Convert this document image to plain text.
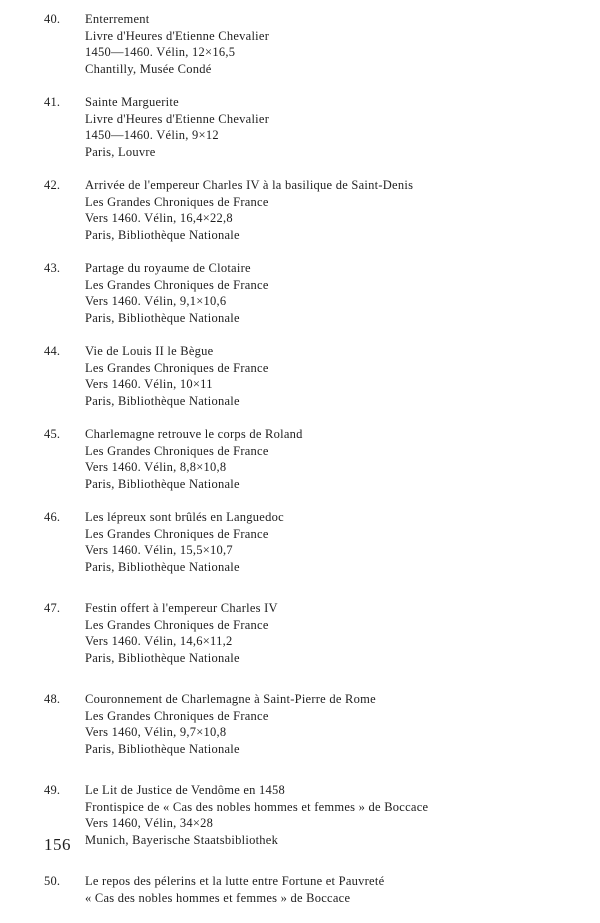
40.	Enterrement
Livre d'Heures d'Etienne Chevalier
1450—1460. Vélin, 12×16,5
Chantilly, Musée Condé
41.	Sainte Marguerite
Livre d'Heures d'Etienne Chevalier
1450—1460. Vélin, 9×12
Paris, Louvre
42.	Arrivée de l'empereur Charles IV à la basilique de Saint-Denis
Les Grandes Chroniques de France
Vers 1460. Vélin, 16,4×22,8
Paris, Bibliothèque Nationale
43.	Partage du royaume de Clotaire
Les Grandes Chroniques de France
Vers 1460. Vélin, 9,1×10,6
Paris, Bibliothèque Nationale
44.	Vie de Louis II le Bègue
Les Grandes Chroniques de France
Vers 1460. Vélin, 10×11
Paris, Bibliothèque Nationale
45.	Charlemagne retrouve le corps de Roland
Les Grandes Chroniques de France
Vers 1460. Vélin, 8,8×10,8
Paris, Bibliothèque Nationale
46.	Les lépreux sont brûlés en Languedoc
Les Grandes Chroniques de France
Vers 1460. Vélin, 15,5×10,7
Paris, Bibliothèque Nationale
47.	Festin offert à l'empereur Charles IV
Les Grandes Chroniques de France
Vers 1460. Vélin, 14,6×11,2
Paris, Bibliothèque Nationale
48.	Couronnement de Charlemagne à Saint-Pierre de Rome
Les Grandes Chroniques de France
Vers 1460, Vélin, 9,7×10,8
Paris, Bibliothèque Nationale
49.	Le Lit de Justice de Vendôme en 1458
Frontispice de « Cas des nobles hommes et femmes » de Boccace
Vers 1460, Vélin, 34×28
Munich, Bayerische Staatsbibliothek
50.	Le repos des pélerins et la lutte entre Fortune et Pauvreté
« Cas des nobles hommes et femmes » de Boccace
156
